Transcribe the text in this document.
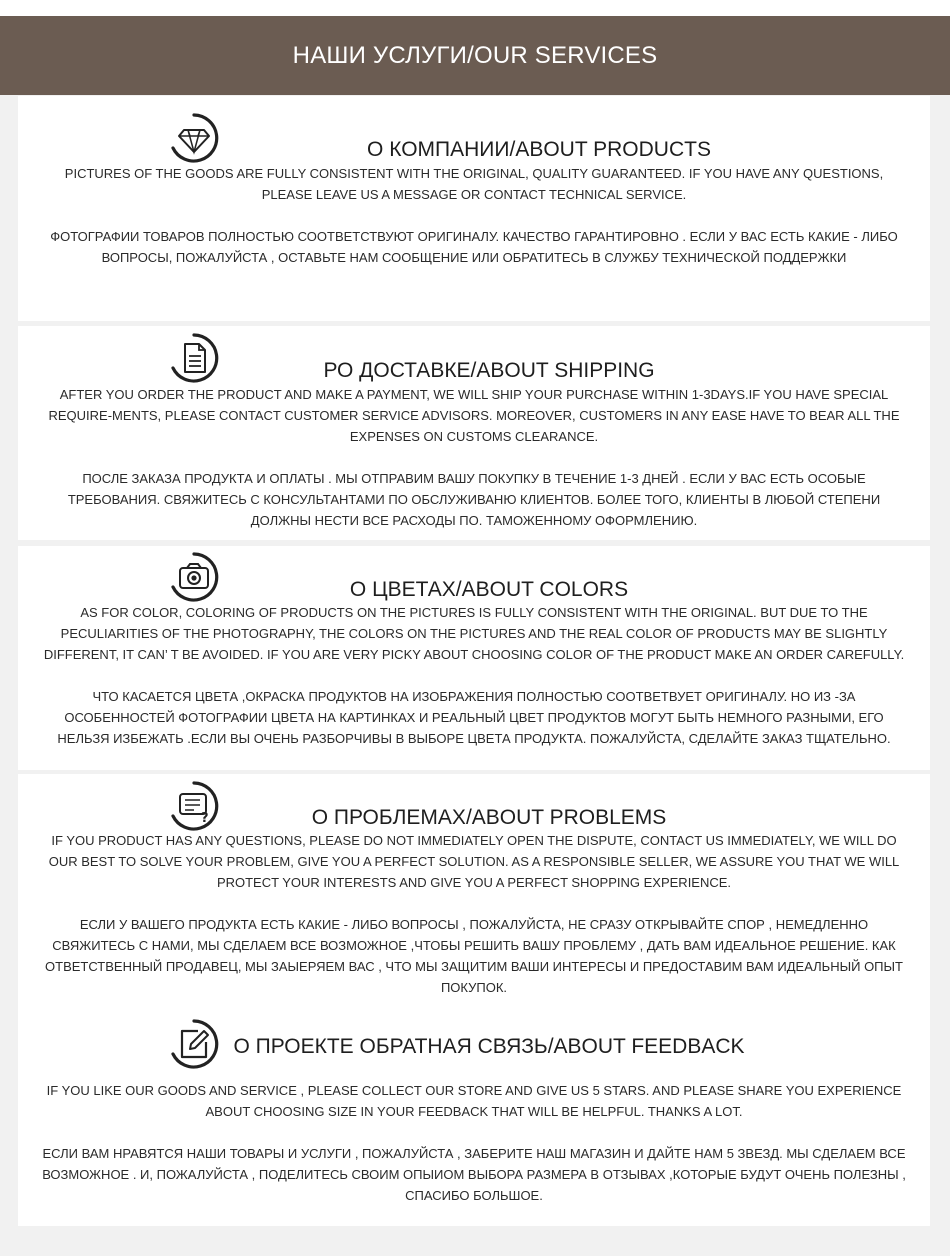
НАШИ УСЛУГИ/OUR SERVICES
О КОМПАНИИ/ABOUT PRODUCTS
PICTURES OF THE GOODS ARE FULLY CONSISTENT WITH THE ORIGINAL, QUALITY GUARANTEED. IF YOU HAVE ANY QUESTIONS, PLEASE LEAVE US A MESSAGE OR CONTACT TECHNICAL SERVICE.
ФОТОГРАФИИ ТОВАРОВ ПОЛНОСТЬЮ СООТВЕТСТВУЮТ ОРИГИНАЛУ. КАЧЕСТВО ГАРАНТИРОВНО . ЕСЛИ У ВАС ЕСТЬ КАКИЕ - ЛИБО ВОПРОСЫ, ПОЖАЛУЙСТА , ОСТАВЬТЕ НАМ СООБЩЕНИЕ ИЛИ ОБРАТИТЕСЬ В СЛУЖБУ ТЕХНИЧЕСКОЙ ПОДДЕРЖКИ
РО ДОСТАВКЕ/ABOUT SHIPPING
AFTER YOU ORDER THE PRODUCT AND MAKE A PAYMENT, WE WILL SHIP YOUR PURCHASE WITHIN 1-3DAYS.IF YOU HAVE SPECIAL REQUIRE-MENTS, PLEASE CONTACT CUSTOMER SERVICE ADVISORS. MOREOVER, CUSTOMERS IN ANY EASE HAVE TO BEAR ALL THE EXPENSES ON CUSTOMS CLEARANCE.
ПОСЛЕ ЗАКАЗА ПРОДУКТА И ОПЛАТЫ . МЫ ОТПРАВИМ ВАШУ ПОКУПКУ В ТЕЧЕНИЕ 1-3 ДНЕЙ . ЕСЛИ У ВАС ЕСТЬ ОСОБЫЕ ТРЕБОВАНИЯ. СВЯЖИТЕСЬ С КОНСУЛЬТАНТАМИ ПО ОБСЛУЖИВАНЮ КЛИЕНТОВ. БОЛЕЕ ТОГО, КЛИЕНТЫ В ЛЮБОЙ СТЕПЕНИ ДОЛЖНЫ НЕСТИ ВСЕ РАСХОДЫ ПО. ТАМОЖЕННОМУ ОФОРМЛЕНИЮ.
О ЦВЕТАХ/ABOUT COLORS
AS FOR COLOR, COLORING OF PRODUCTS ON THE PICTURES IS FULLY CONSISTENT WITH THE ORIGINAL. BUT DUE TO THE PECULIARITIES OF THE PHOTOGRAPHY, THE COLORS ON THE PICTURES AND THE REAL COLOR OF PRODUCTS MAY BE SLIGHTLY DIFFERENT, IT CAN’ T BE AVOIDED. IF YOU ARE VERY PICKY ABOUT CHOOSING COLOR OF THE PRODUCT MAKE AN ORDER CAREFULLY.
ЧТО КАСАЕТСЯ ЦВЕТА ,ОКРАСКА ПРОДУКТОВ НА ИЗОБРАЖЕНИЯ ПОЛНОСТЬЮ СООТВЕТВУЕТ ОРИГИНАЛУ. НО ИЗ -ЗА ОСОБЕННОСТЕЙ ФОТОГРАФИИ ЦВЕТА НА КАРТИНКАХ И РЕАЛЬНЫЙ ЦВЕТ ПРОДУКТОВ МОГУТ БЫТЬ НЕМНОГО РАЗНЫМИ, ЕГО НЕЛЬЗЯ ИЗБЕЖАТЬ .ЕСЛИ ВЫ ОЧЕНЬ РАЗБОРЧИВЫ В ВЫБОРЕ ЦВЕТА ПРОДУКТА. ПОЖАЛУЙСТА, СДЕЛАЙТЕ ЗАКАЗ ТЩАТЕЛЬНО.
?	О ПРОБЛЕМАХ/ABOUT PROBLEMS
IF YOU PRODUCT HAS ANY QUESTIONS, PLEASE DO NOT IMMEDIATELY OPEN THE DISPUTE, CONTACT US IMMEDIATELY, WE WILL DO OUR BEST TO SOLVE YOUR PROBLEM, GIVE YOU A PERFECT SOLUTION. AS A RESPONSIBLE SELLER, WE ASSURE YOU THAT WE WILL PROTECT YOUR INTERESTS AND GIVE YOU A PERFECT SHOPPING EXPERIENCE.
ЕСЛИ У ВАШЕГО ПРОДУКТА ЕСТЬ КАКИЕ - ЛИБО ВОПРОСЫ , ПОЖАЛУЙСТА, НЕ СРАЗУ ОТКРЫВАЙТЕ СПОР , НЕМЕДЛЕННО СВЯЖИТЕСЬ С НАМИ, МЫ СДЕЛАЕМ ВСЕ ВОЗМОЖНОЕ ,ЧТОБЫ РЕШИТЬ ВАШУ ПРОБЛЕМУ , ДАТЬ ВАМ ИДЕАЛЬНОЕ РЕШЕНИЕ. КАК ОТВЕТСТВЕННЫЙ ПРОДАВЕЦ, МЫ ЗАЫЕРЯЕМ ВАС , ЧТО МЫ ЗАЩИТИМ ВАШИ ИНТЕРЕСЫ И ПРЕДОСТАВИМ ВАМ ИДЕАЛЬНЫЙ ОПЫТ ПОКУПОК.
О ПРОЕКТЕ ОБРАТНАЯ СВЯЗЬ/ABOUT FEEDBACK
IF YOU LIKE OUR GOODS AND SERVICE , PLEASE COLLECT OUR STORE AND GIVE US 5 STARS. AND PLEASE SHARE YOU EXPERIENCE ABOUT CHOOSING SIZE IN YOUR FEEDBACK THAT WILL BE HELPFUL. THANKS A LOT.
ЕСЛИ ВАМ НРАВЯТСЯ НАШИ ТОВАРЫ И УСЛУГИ , ПОЖАЛУЙСТА , ЗАБЕРИТЕ НАШ МАГАЗИН И ДАЙТЕ НАМ 5 ЗВЕЗД. МЫ СДЕЛАЕМ ВСЕ ВОЗМОЖНОЕ . И, ПОЖАЛУЙСТА , ПОДЕЛИТЕСЬ СВОИМ ОПЫИОМ ВЫБОРА РАЗМЕРА В ОТЗЫВАХ ,КОТОРЫЕ БУДУТ ОЧЕНЬ ПОЛЕЗНЫ , СПАСИБО БОЛЬШОЕ.
